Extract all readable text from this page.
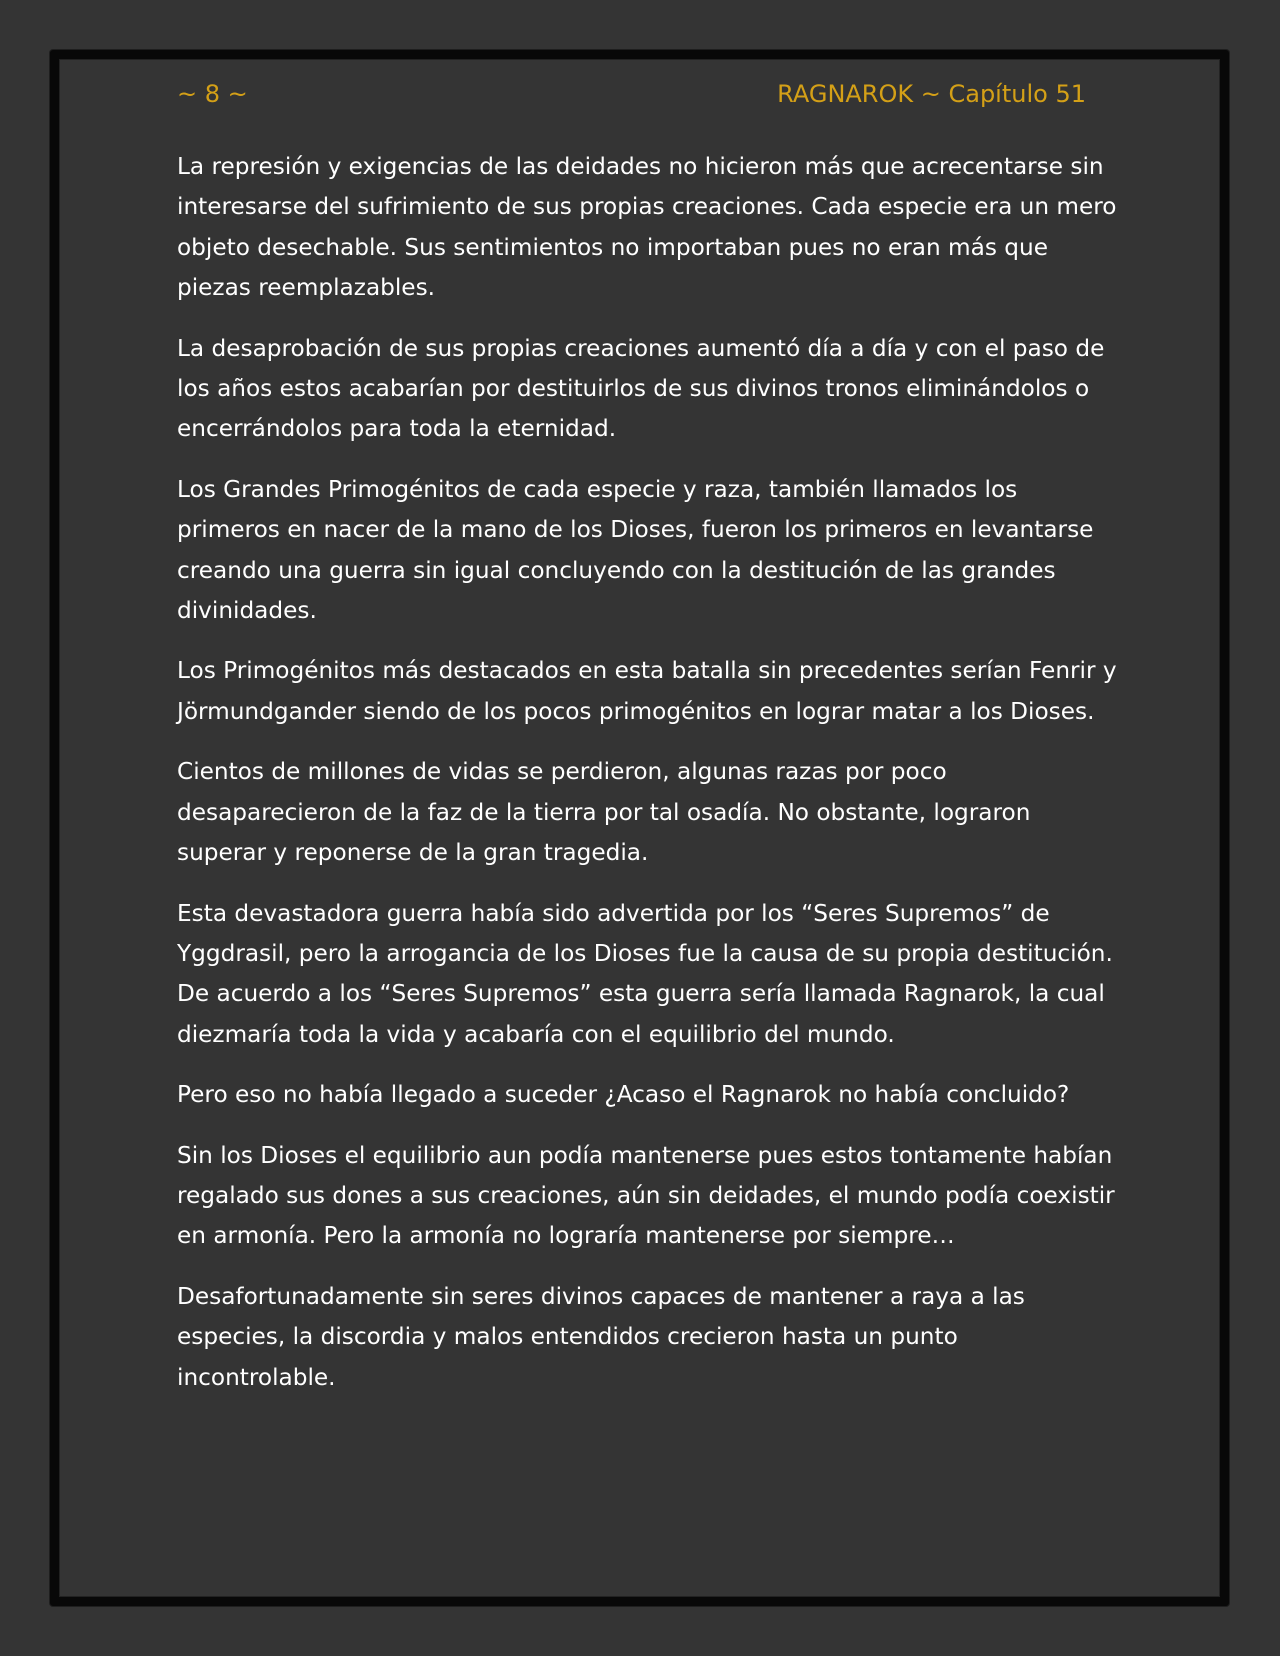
~ 8 ~	RAGNAROK ~ Capítulo 51

La represión y exigencias de las deidades no hicieron más que acrecentarse sin interesarse del sufrimiento de sus propias creaciones. Cada especie era un mero objeto desechable. Sus sentimientos no importaban pues no eran más que piezas reemplazables.

La desaprobación de sus propias creaciones aumentó día a día y con el paso de los años estos acabarían por destituirlos de sus divinos tronos eliminándolos o encerrándolos para toda la eternidad.

Los Grandes Primogénitos de cada especie y raza, también llamados los primeros en nacer de la mano de los Dioses, fueron los primeros en levantarse creando una guerra sin igual concluyendo con la destitución de las grandes divinidades.

Los Primogénitos más destacados en esta batalla sin precedentes serían Fenrir y Jörmundgander siendo de los pocos primogénitos en lograr matar a los Dioses.

Cientos de millones de vidas se perdieron, algunas razas por poco desaparecieron de la faz de la tierra por tal osadía. No obstante, lograron superar y reponerse de la gran tragedia.

Esta devastadora guerra había sido advertida por los “Seres Supremos” de Yggdrasil, pero la arrogancia de los Dioses fue la causa de su propia destitución. De acuerdo a los “Seres Supremos” esta guerra sería llamada Ragnarok, la cual diezmaría toda la vida y acabaría con el equilibrio del mundo.

Pero eso no había llegado a suceder ¿Acaso el Ragnarok no había concluido?

Sin los Dioses el equilibrio aun podía mantenerse pues estos tontamente habían regalado sus dones a sus creaciones, aún sin deidades, el mundo podía coexistir en armonía. Pero la armonía no lograría mantenerse por siempre…

Desafortunadamente sin seres divinos capaces de mantener a raya a las especies, la discordia y malos entendidos crecieron hasta un punto incontrolable.
